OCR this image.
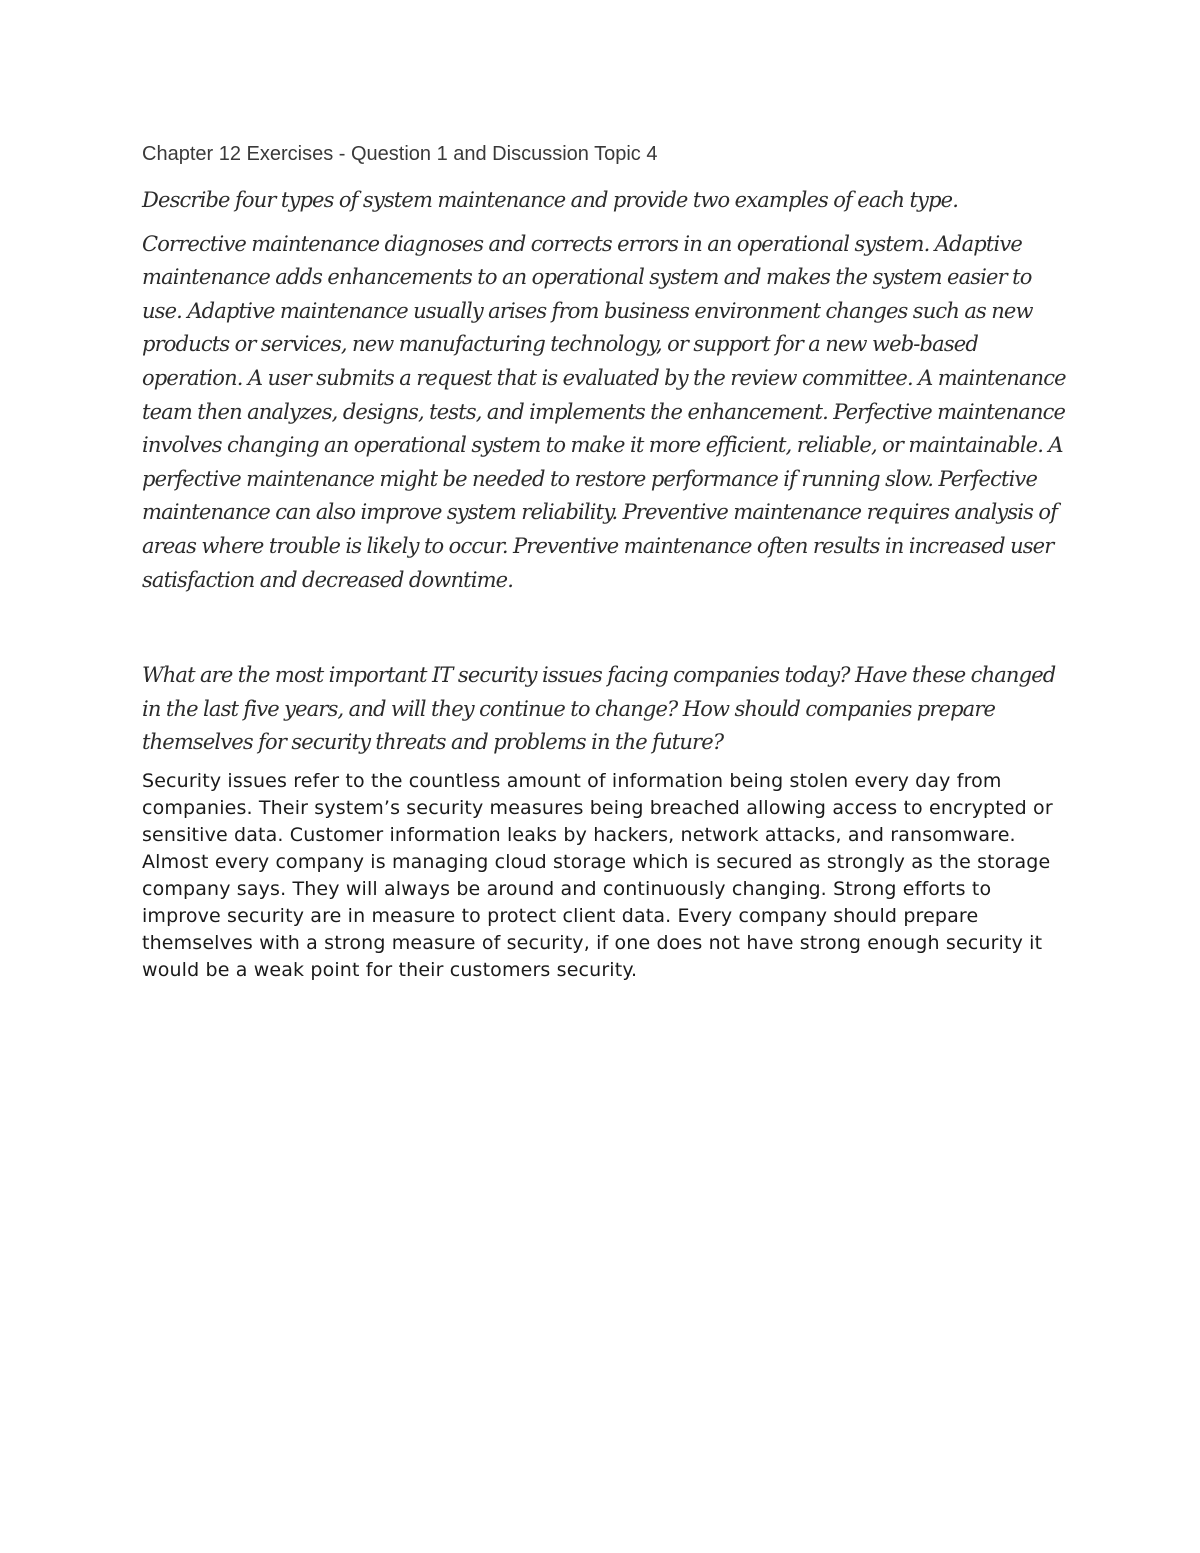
Chapter 12 Exercises - Question 1 and Discussion Topic 4

Describe four types of system maintenance and provide two examples of each type.

Corrective maintenance diagnoses and corrects errors in an operational system. Adaptive maintenance adds enhancements to an operational system and makes the system easier to use. Adaptive maintenance usually arises from business environment changes such as new products or services, new manufacturing technology, or support for a new web-based operation. A user submits a request that is evaluated by the review committee. A maintenance team then analyzes, designs, tests, and implements the enhancement. Perfective maintenance involves changing an operational system to make it more efficient, reliable, or maintainable. A perfective maintenance might be needed to restore performance if running slow. Perfective maintenance can also improve system reliability. Preventive maintenance requires analysis of areas where trouble is likely to occur. Preventive maintenance often results in increased user satisfaction and decreased downtime.

What are the most important IT security issues facing companies today? Have these changed in the last five years, and will they continue to change? How should companies prepare themselves for security threats and problems in the future?

Security issues refer to the countless amount of information being stolen every day from companies. Their system’s security measures being breached allowing access to encrypted or sensitive data. Customer information leaks by hackers, network attacks, and ransomware. Almost every company is managing cloud storage which is secured as strongly as the storage company says. They will always be around and continuously changing. Strong efforts to improve security are in measure to protect client data. Every company should prepare themselves with a strong measure of security, if one does not have strong enough security it would be a weak point for their customers security.
